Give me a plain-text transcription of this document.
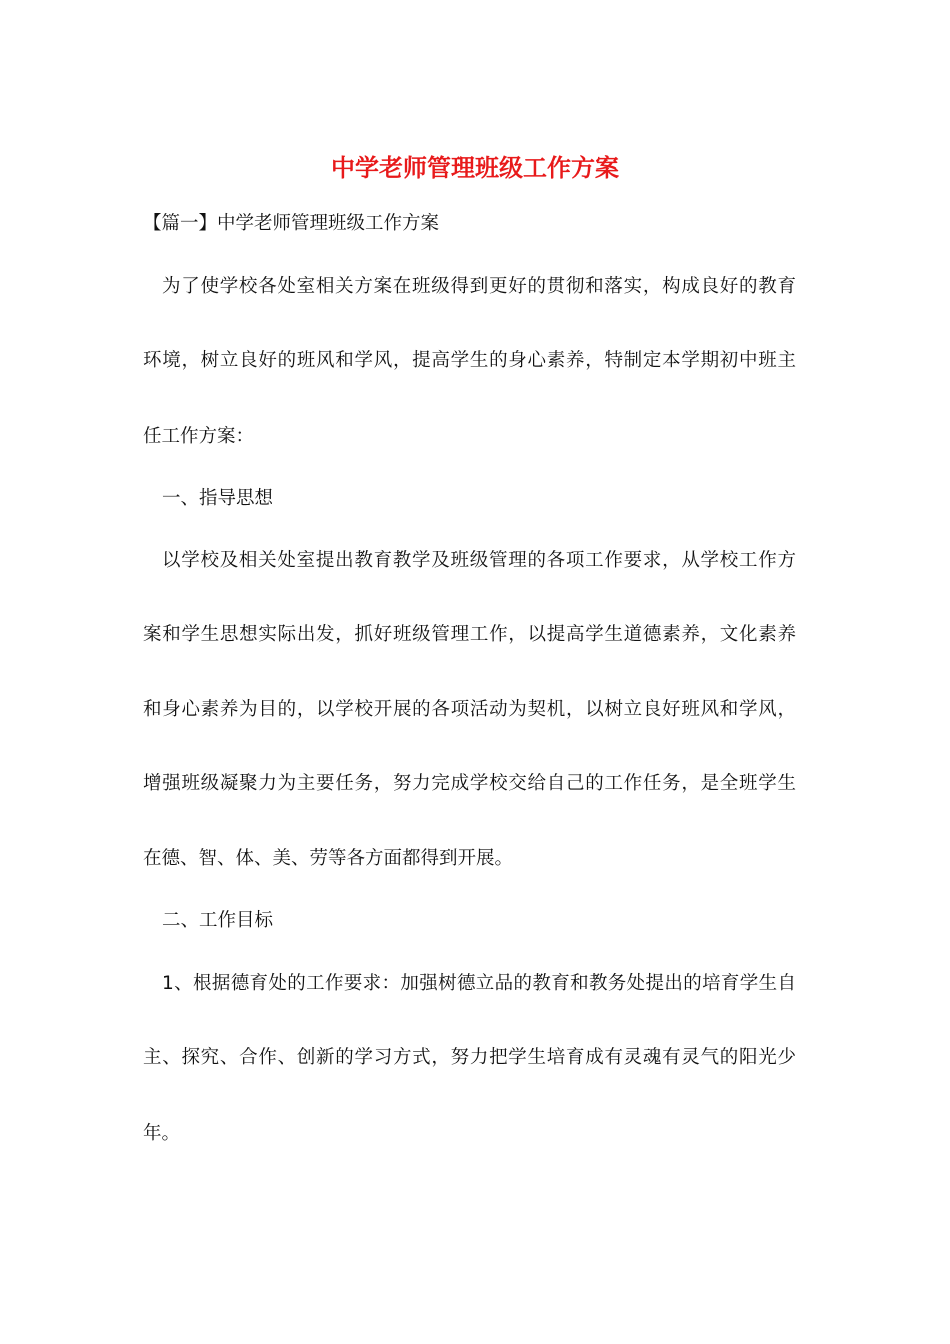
中学老师管理班级工作方案

【篇一】中学老师管理班级工作方案

为了使学校各处室相关方案在班级得到更好的贯彻和落实，构成良好的教育

环境，树立良好的班风和学风，提高学生的身心素养，特制定本学期初中班主

任工作方案：

一、指导思想

以学校及相关处室提出教育教学及班级管理的各项工作要求，从学校工作方

案和学生思想实际出发，抓好班级管理工作，以提高学生道德素养，文化素养

和身心素养为目的，以学校开展的各项活动为契机，以树立良好班风和学风，

增强班级凝聚力为主要任务，努力完成学校交给自己的工作任务，是全班学生

在德、智、体、美、劳等各方面都得到开展。

二、工作目标

1、根据德育处的工作要求：加强树德立品的教育和教务处提出的培育学生自

主、探究、合作、创新的学习方式，努力把学生培育成有灵魂有灵气的阳光少

年。
